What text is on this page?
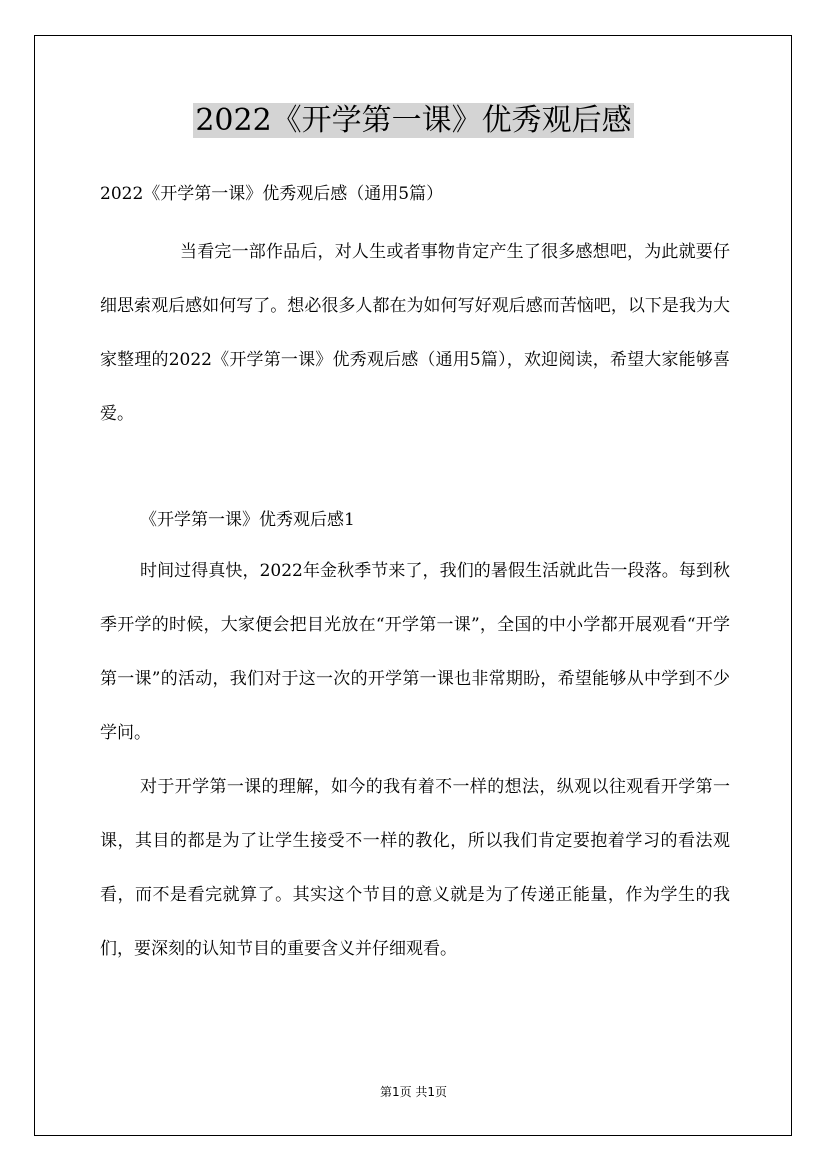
2022《开学第一课》优秀观后感
2022《开学第一课》优秀观后感（通用5篇）
当看完一部作品后，对人生或者事物肯定产生了很多感想吧，为此就要仔细思索观后感如何写了。想必很多人都在为如何写好观后感而苦恼吧，以下是我为大家整理的2022《开学第一课》优秀观后感（通用5篇），欢迎阅读，希望大家能够喜爱。
《开学第一课》优秀观后感1
时间过得真快，2022年金秋季节来了，我们的暑假生活就此告一段落。每到秋季开学的时候，大家便会把目光放在“开学第一课”，全国的中小学都开展观看“开学第一课”的活动，我们对于这一次的开学第一课也非常期盼，希望能够从中学到不少学问。
对于开学第一课的理解，如今的我有着不一样的想法，纵观以往观看开学第一课，其目的都是为了让学生接受不一样的教化，所以我们肯定要抱着学习的看法观看，而不是看完就算了。其实这个节目的意义就是为了传递正能量，作为学生的我们，要深刻的认知节目的重要含义并仔细观看。
第1页 共1页
